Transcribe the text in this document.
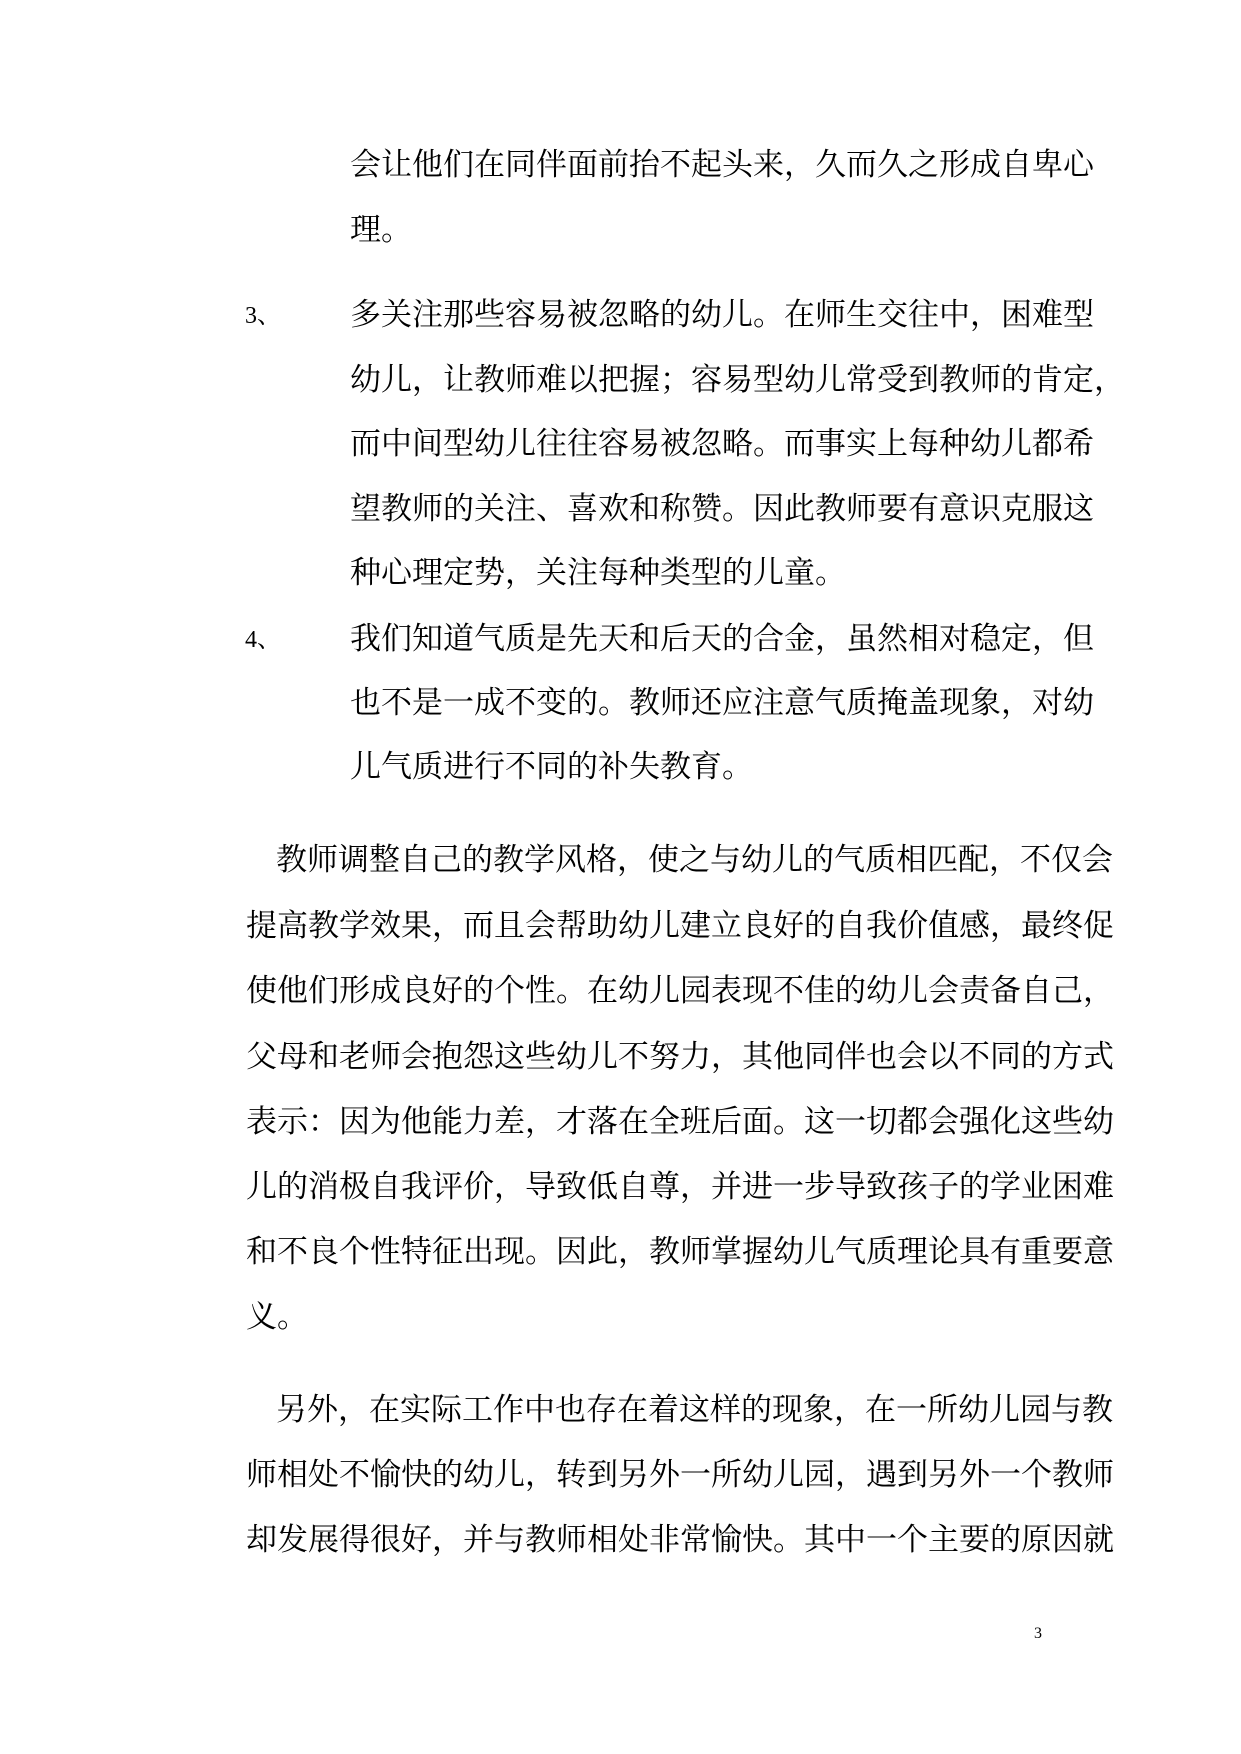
会让他们在同伴面前抬不起头来，久而久之形成自卑心
理。
3、 多关注那些容易被忽略的幼儿。在师生交往中，困难型
幼儿，让教师难以把握；容易型幼儿常受到教师的肯定，
而中间型幼儿往往容易被忽略。而事实上每种幼儿都希
望教师的关注、喜欢和称赞。因此教师要有意识克服这
种心理定势，关注每种类型的儿童。
4、 我们知道气质是先天和后天的合金，虽然相对稳定，但
也不是一成不变的。教师还应注意气质掩盖现象，对幼
儿气质进行不同的补失教育。
教师调整自己的教学风格，使之与幼儿的气质相匹配，不仅会
提高教学效果，而且会帮助幼儿建立良好的自我价值感，最终促
使他们形成良好的个性。在幼儿园表现不佳的幼儿会责备自己，
父母和老师会抱怨这些幼儿不努力，其他同伴也会以不同的方式
表示：因为他能力差，才落在全班后面。这一切都会强化这些幼
儿的消极自我评价，导致低自尊，并进一步导致孩子的学业困难
和不良个性特征出现。因此，教师掌握幼儿气质理论具有重要意
义。
另外，在实际工作中也存在着这样的现象，在一所幼儿园与教
师相处不愉快的幼儿，转到另外一所幼儿园，遇到另外一个教师
却发展得很好，并与教师相处非常愉快。其中一个主要的原因就
3
